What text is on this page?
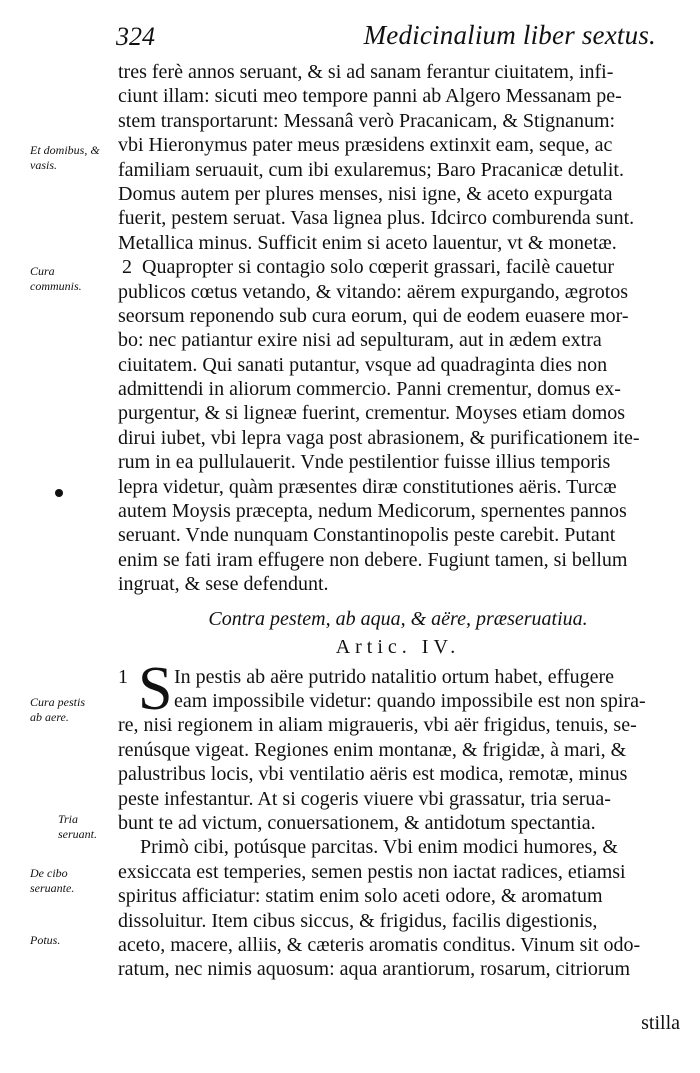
324	Medicinalium liber sextus.
Et domibus, & vasis.
Cura communis.
Cura pestis ab aere.
Tria seruant.
De cibo seruante.
Potus.
tres ferè annos seruant, & si ad sanam ferantur ciuitatem, infi-
ciunt illam: sicuti meo tempore panni ab Algero Messanam pe-
stem transportarunt: Messanâ verò Pracanicam, & Stignanum:
vbi Hieronymus pater meus præsidens extinxit eam, seque, ac
familiam seruauit, cum ibi exularemus; Baro Pracanicæ detulit.
Domus autem per plures menses, nisi igne, & aceto expurgata
fuerit, pestem seruat. Vasa lignea plus. Idcirco comburenda sunt.
Metallica minus. Sufficit enim si aceto lauentur, vt & monetæ.
2 Quapropter si contagio solo cœperit grassari, facilè cauetur
publicos cœtus vetando, & vitando: aërem expurgando, ægrotos
seorsum reponendo sub cura eorum, qui de eodem euasere mor-
bo: nec patiantur exire nisi ad sepulturam, aut in ædem extra
ciuitatem. Qui sanati putantur, vsque ad quadraginta dies non
admittendi in aliorum commercio. Panni crementur, domus ex-
purgentur, & si ligneæ fuerint, crementur. Moyses etiam domos
dirui iubet, vbi lepra vaga post abrasionem, & purificationem ite-
rum in ea pullulauerit. Vnde pestilentior fuisse illius temporis
lepra videtur, quàm præsentes diræ constitutiones aëris. Turcæ
autem Moysis præcepta, nedum Medicorum, spernentes pannos
seruant. Vnde nunquam Constantinopolis peste carebit. Putant
enim se fati iram effugere non debere. Fugiunt tamen, si bellum
ingruat, & sese defendunt.
Contra pestem, ab aqua, & aëre, præseruatiua.
Artic. IV.
1 S In pestis ab aëre putrido natalitio ortum habet, effugere
eam impossibile videtur: quando impossibile est non spira-
re, nisi regionem in aliam migraueris, vbi aër frigidus, tenuis, se-
renúsque vigeat. Regiones enim montanæ, & frigidæ, à mari, &
palustribus locis, vbi ventilatio aëris est modica, remotæ, minus
peste infestantur. At si cogeris viuere vbi grassatur, tria serua-
bunt te ad victum, conuersationem, & antidotum spectantia.
Primò cibi, potúsque parcitas. Vbi enim modici humores, &
exsiccata est temperies, semen pestis non iactat radices, etiamsi
spiritus afficiatur: statim enim solo aceti odore, & aromatum
dissoluitur. Item cibus siccus, & frigidus, facilis digestionis,
aceto, macere, alliis, & cæteris aromatis conditus. Vinum sit odo-
ratum, nec nimis aquosum: aqua arantiorum, rosarum, citriorum
stilla
